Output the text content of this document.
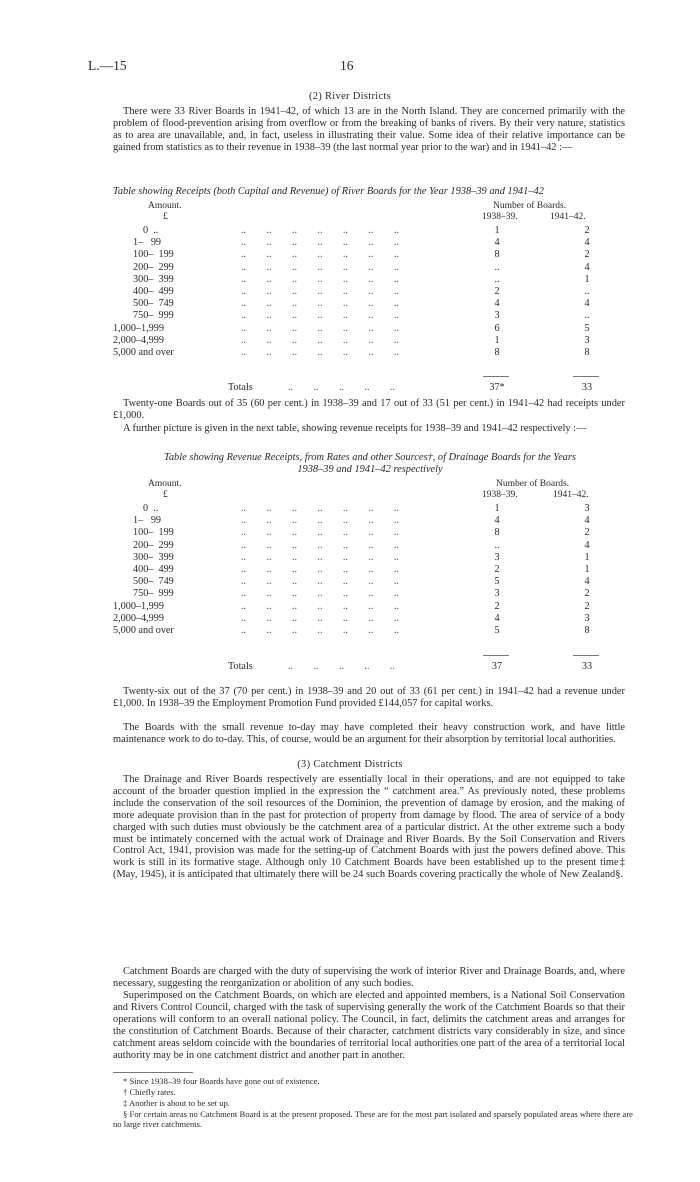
L.—15	16
(2) River Districts
There were 33 River Boards in 1941–42, of which 13 are in the North Island. They are concerned primarily with the problem of flood-prevention arising from overflow or from the breaking of banks of rivers. By their very nature, statistics as to area are unavailable, and, in fact, useless in illustrating their value. Some idea of their relative importance can be gained from statistics as to their revenue in 1938–39 (the last normal year prior to the war) and in 1941–42 :—
Table showing Receipts (both Capital and Revenue) of River Boards for the Year 1938–39 and 1941–42
Amount.
£
Number of Boards.
1938–39.	1941–42.
0  ..	..        ..        ..        ..        ..        ..        ..	1	2
1–   99	..        ..        ..        ..        ..        ..        ..	4	4
100–  199	..        ..        ..        ..        ..        ..        ..	8	2
200–  299	..        ..        ..        ..        ..        ..        ..	..	4
300–  399	..        ..        ..        ..        ..        ..        ..	..	1
400–  499	..        ..        ..        ..        ..        ..        ..	2	..
500–  749	..        ..        ..        ..        ..        ..        ..	4	4
750–  999	..        ..        ..        ..        ..        ..        ..	3	..
1,000–1,999	..        ..        ..        ..        ..        ..        ..	6	5
2,000–4,999	..        ..        ..        ..        ..        ..        ..	1	3
5,000 and over	..        ..        ..        ..        ..        ..        ..	8	8
Totals	..        ..        ..        ..        ..	37*	33
Twenty-one Boards out of 35 (60 per cent.) in 1938–39 and 17 out of 33 (51 per cent.) in 1941–42 had receipts under £1,000.
A further picture is given in the next table, showing revenue receipts for 1938–39 and 1941–42 respectively :—
Table showing Revenue Receipts, from Rates and other Sources†, of Drainage Boards for the Years
1938–39 and 1941–42 respectively
Amount.
£
Number of Boards.
1938–39.	1941–42.
0  ..	..        ..        ..        ..        ..        ..        ..	1	3
1–   99	..        ..        ..        ..        ..        ..        ..	4	4
100–  199	..        ..        ..        ..        ..        ..        ..	8	2
200–  299	..        ..        ..        ..        ..        ..        ..	..	4
300–  399	..        ..        ..        ..        ..        ..        ..	3	1
400–  499	..        ..        ..        ..        ..        ..        ..	2	1
500–  749	..        ..        ..        ..        ..        ..        ..	5	4
750–  999	..        ..        ..        ..        ..        ..        ..	3	2
1,000–1,999	..        ..        ..        ..        ..        ..        ..	2	2
2,000–4,999	..        ..        ..        ..        ..        ..        ..	4	3
5,000 and over	..        ..        ..        ..        ..        ..        ..	5	8
Totals	..        ..        ..        ..        ..	37	33
Twenty-six out of the 37 (70 per cent.) in 1938–39 and 20 out of 33 (61 per cent.) in 1941–42 had a revenue under £1,000. In 1938–39 the Employment Promotion Fund provided £144,057 for capital works.
The Boards with the small revenue to-day may have completed their heavy construction work, and have little maintenance work to do to-day. This, of course, would be an argument for their absorption by territorial local authorities.
(3) Catchment Districts
The Drainage and River Boards respectively are essentially local in their operations, and are not equipped to take account of the broader question implied in the expression the “ catchment area.” As previously noted, these problems include the conservation of the soil resources of the Dominion, the prevention of damage by erosion, and the making of more adequate provision than in the past for protection of property from damage by flood. The area of service of a body charged with such duties must obviously be the catchment area of a particular district. At the other extreme such a body must be intimately concerned with the actual work of Drainage and River Boards. By the Soil Conservation and Rivers Control Act, 1941, provision was made for the setting-up of Catchment Boards with just the powers defined above. This work is still in its formative stage. Although only 10 Catchment Boards have been established up to the present time‡ (May, 1945), it is anticipated that ultimately there will be 24 such Boards covering practically the whole of New Zealand§.
Catchment Boards are charged with the duty of supervising the work of interior River and Drainage Boards, and, where necessary, suggesting the reorganization or abolition of any such bodies.
Superimposed on the Catchment Boards, on which are elected and appointed members, is a National Soil Conservation and Rivers Control Council, charged with the task of supervising generally the work of the Catchment Boards so that their operations will conform to an overall national policy. The Council, in fact, delimits the catchment areas and arranges for the constitution of Catchment Boards. Because of their character, catchment districts vary considerably in size, and since catchment areas seldom coincide with the boundaries of territorial local authorities one part of the area of a territorial local authority may be in one catchment district and another part in another.
* Since 1938–39 four Boards have gone out of existence.
† Chiefly rates.
‡ Another is about to be set up.
§ For certain areas no Catchment Board is at the present proposed. These are for the most part isolated and sparsely populated areas where there are no large river catchments.
